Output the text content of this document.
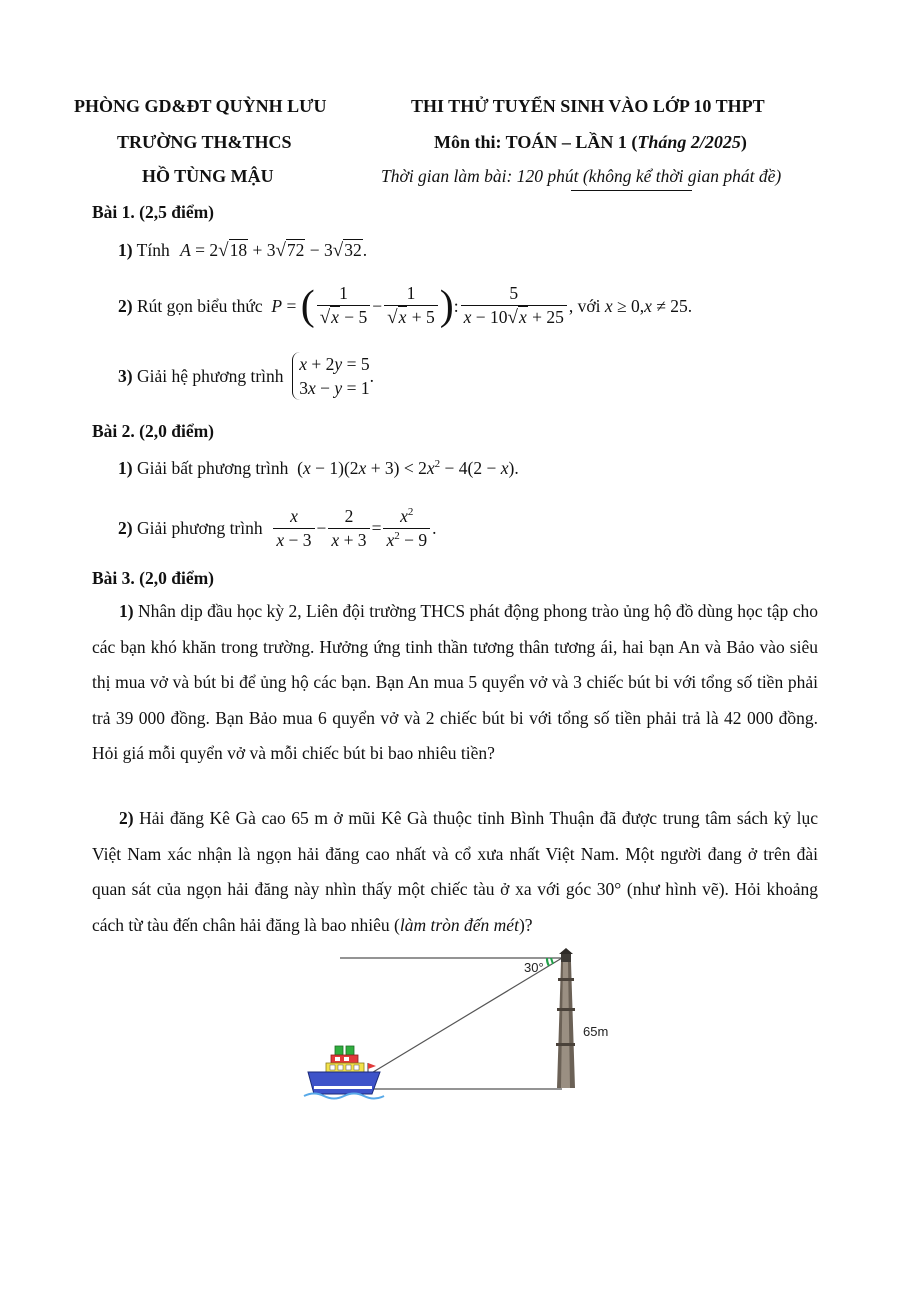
PHÒNG GD&ĐT QUỲNH LƯU
TRƯỜNG TH&THCS
HỒ TÙNG MẬU
THI THỬ TUYỂN SINH VÀO LỚP 10 THPT
Môn thi: TOÁN – LẦN 1 (Tháng 2/2025)
Thời gian làm bài: 120 phút (không kể thời gian phát đề)
Bài 1. (2,5 điểm)
1) Tính A = 2√18 + 3√72 − 3√32.
2)
Rút gọn biểu thức
P = ( $\frac{1}{√x - 5} - \frac{1}{√x + 5}$ ) : $\frac{5}{x - 10√x + 25}$ , với
x ≥ 0, x ≠ 25.
3)
Giải hệ phương trình

x + 2y = 5
3x − y = 1
.
Bài 2. (2,0 điểm)
1) Giải bất phương trình  $(x - 1)(2x + 3) < 2x^2 - 4(2 - x)$.
2)
Giải phương trình
$\frac{x}{x - 3} - \frac{2}{x + 3} = \frac{x^2}{x^2 - 9}$ .
Bài 3. (2,0 điểm)
1) Nhân dịp đầu học kỳ 2, Liên đội trường THCS phát động phong trào ủng hộ đồ dùng học tập cho các bạn khó khăn trong trường. Hưởng ứng tinh thần tương thân tương ái, hai bạn An và Bảo vào siêu thị mua vở và bút bi để ủng hộ các bạn. Bạn An mua 5 quyển vở và 3 chiếc bút bi với tổng số tiền phải trả 39 000 đồng. Bạn Bảo mua 6 quyển vở và 2 chiếc bút bi với tổng số tiền phải trả là 42 000 đồng. Hỏi giá mỗi quyển vở và mỗi chiếc bút bi bao nhiêu tiền?
2) Hải đăng Kê Gà cao 65 m ở mũi Kê Gà thuộc tỉnh Bình Thuận đã được trung tâm sách kỷ lục Việt Nam xác nhận là ngọn hải đăng cao nhất và cổ xưa nhất Việt Nam. Một người đang ở trên đài quan sát của ngọn hải đăng này nhìn thấy một chiếc tàu ở xa với góc 30° (như hình vẽ). Hỏi khoảng cách từ tàu đến chân hải đăng là bao nhiêu (làm tròn đến mét)?
30°
65m
